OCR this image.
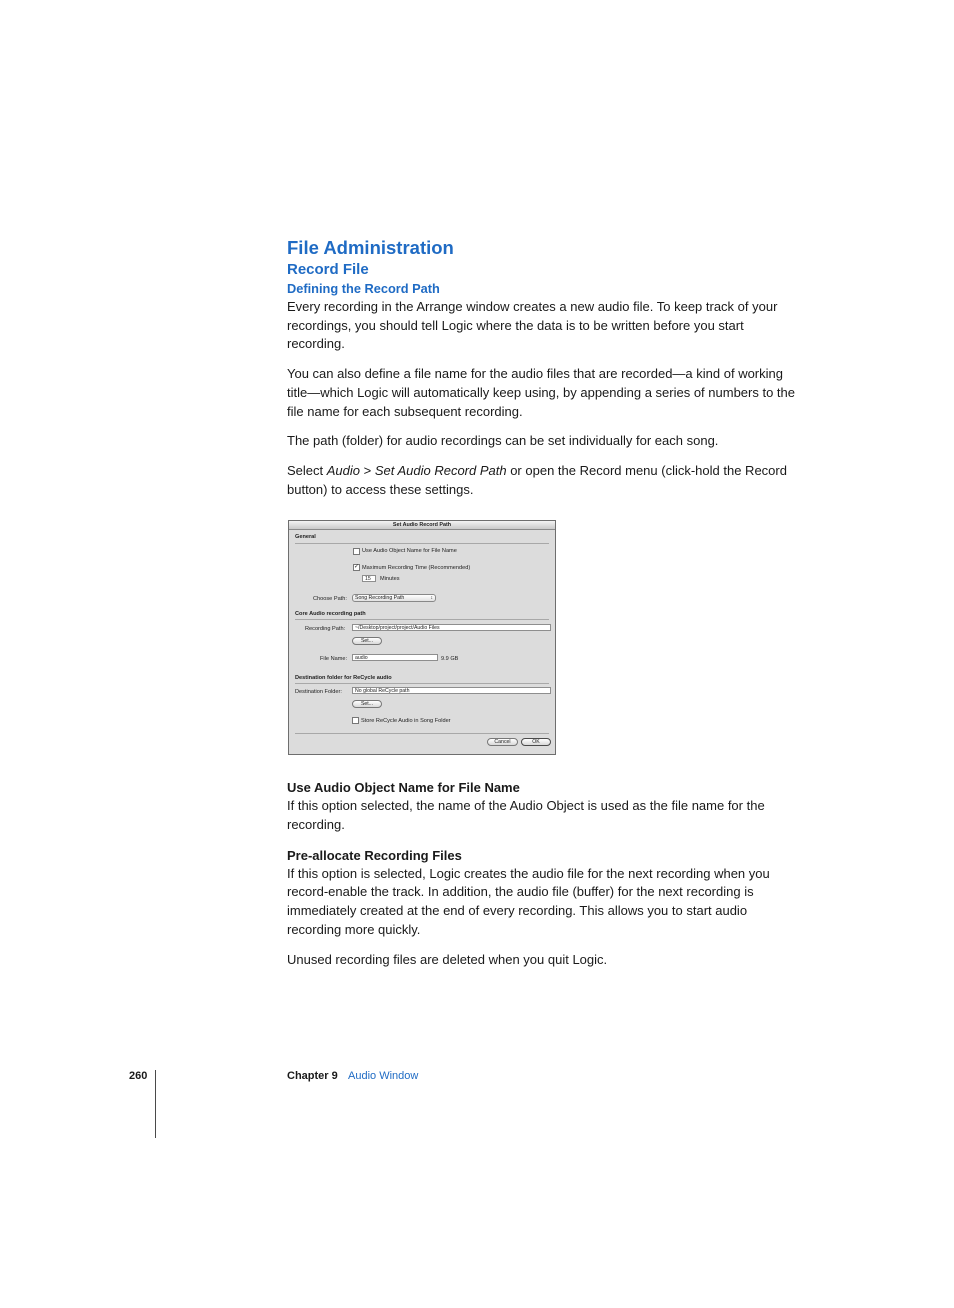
File Administration
Record File
Defining the Record Path

Every recording in the Arrange window creates a new audio file. To keep track of your recordings, you should tell Logic where the data is to be written before you start recording.

You can also define a file name for the audio files that are recorded—a kind of working title—which Logic will automatically keep using, by appending a series of numbers to the file name for each subsequent recording.

The path (folder) for audio recordings can be set individually for each song.

Select Audio > Set Audio Record Path or open the Record menu (click-hold the Record button) to access these settings.

Set Audio Record Path
General
Use Audio Object Name for File Name
✓ Maximum Recording Time (Recommended)
15	Minutes
Choose Path:	Song Recording Path	↕
Core Audio recording path
Recording Path:	~/Desktop/project/project/Audio Files
Set...
File Name:	audio	9.9 GB
Destination folder for ReCycle audio
Destination Folder:	No global ReCycle path
Set...
Store ReCycle Audio in Song Folder
Cancel	OK
Use Audio Object Name for File Name

If this option selected, the name of the Audio Object is used as the file name for the recording.

Pre-allocate Recording Files

If this option is selected, Logic creates the audio file for the next recording when you record-enable the track. In addition, the audio file (buffer) for the next recording is immediately created at the end of every recording. This allows you to start audio recording more quickly.

Unused recording files are deleted when you quit Logic.

260	Chapter 9 Audio Window
